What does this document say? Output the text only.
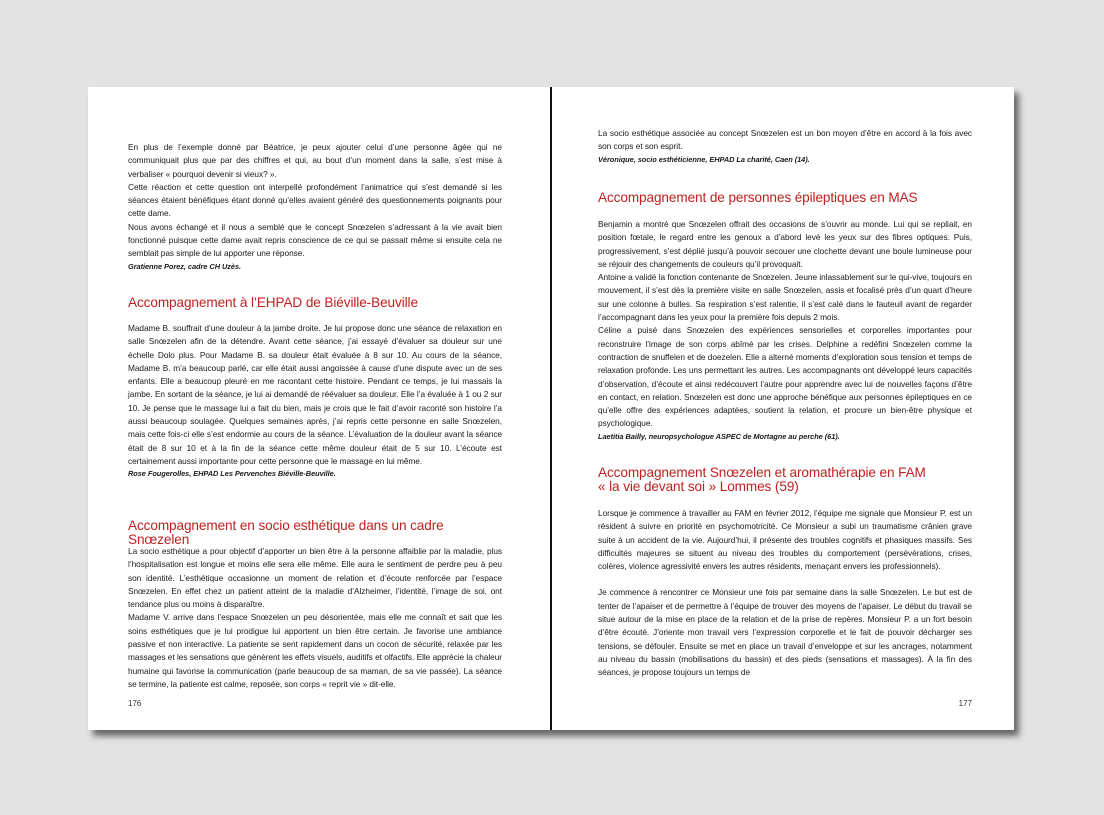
En plus de l’exemple donné par Béatrice, je peux ajouter celui d’une personne âgée qui ne communiquait plus que par des chiffres et qui, au bout d’un moment dans la salle, s’est mise à verbaliser « pourquoi devenir si vieux? ».

Cette réaction et cette question ont interpellé profondément l’animatrice qui s’est demandé si les séances étaient bénéfiques étant donné qu’elles avaient généré des questionnements poignants pour cette dame.

Nous avons échangé et il nous a semblé que le concept Snœzelen s’adressant à la vie avait bien fonctionné puisque cette dame avait repris conscience de ce qui se passait même si ensuite cela ne semblait pas simple de lui apporter une réponse.

Gratienne Porez, cadre CH Uzès.

Accompagnement à l’EHPAD de Biéville-Beuville

Madame B. souffrait d’une douleur à la jambe droite. Je lui propose donc une séance de relaxation en salle Snœzelen afin de la détendre. Avant cette séance, j’ai essayé d’évaluer sa douleur sur une échelle Dolo plus. Pour Madame B. sa douleur était évaluée à 8 sur 10. Au cours de la séance, Madame B. m’a beaucoup parlé, car elle était aussi angoissée à cause d’une dispute avec un de ses enfants. Elle a beaucoup pleuré en me racontant cette histoire. Pendant ce temps, je lui massais la jambe. En sortant de la séance, je lui ai demandé de réévaluer sa douleur. Elle l’a évaluée à 1 ou 2 sur 10. Je pense que le massage lui a fait du bien, mais je crois que le fait d’avoir raconté son histoire l’a aussi beaucoup soulagée. Quelques semaines après, j’ai repris cette personne en salle Snœzelen, mais cette fois-ci elle s’est endormie au cours de la séance. L’évaluation de la douleur avant la séance était de 8 sur 10 et à la fin de la séance cette même douleur était de 5 sur 10. L’écoute est certainement aussi importante pour cette personne que le massage en lui même.

Rose Fougerolles, EHPAD Les Pervenches Biéville-Beuville.

Accompagnement en socio esthétique dans un cadre Snœzelen

La socio esthétique a pour objectif d’apporter un bien être à la personne affaiblie par la maladie, plus l’hospitalisation est longue et moins elle sera elle même. Elle aura le sentiment de perdre peu à peu son identité. L’esthétique occasionne un moment de relation et d’écoute renforcée par l’espace Snœzelen. En effet chez un patient atteint de la maladie d’Alzheimer, l’identité, l’image de soi, ont tendance plus ou moins à disparaître.

Madame V. arrive dans l’espace Snœzelen un peu désorientée, mais elle me connaît et sait que les soins esthétiques que je lui prodigue lui apportent un bien être certain. Je favorise une ambiance passive et non interactive. La patiente se sent rapidement dans un cocon de sécurité, relaxée par les massages et les sensations que génèrent les effets visuels, auditifs et olfactifs. Elle apprécie la chaleur humaine qui favorise la communication (parle beaucoup de sa maman, de sa vie passée). La séance se termine, la patiente est calme, reposée, son corps « reprit vie » dit-elle.

176

La socio esthétique associée au concept Snœzelen est un bon moyen d’être en accord à la fois avec son corps et son esprit.

Véronique, socio esthéticienne, EHPAD La charité, Caen (14).

Accompagnement de personnes épileptiques en MAS

Benjamin a montré que Snœzelen offrait des occasions de s’ouvrir au monde. Lui qui se repliait, en position fœtale, le regard entre les genoux a d’abord levé les yeux sur des fibres optiques. Puis, progressivement, s’est déplié jusqu’à pouvoir secouer une clochette devant une boule lumineuse pour se réjouir des changements de couleurs qu’il provoquait.

Antoine a validé la fonction contenante de Snœzelen. Jeune inlassablement sur le qui-vive, toujours en mouvement, il s’est dès la première visite en salle Snœzelen, assis et focalisé près d’un quart d’heure sur une colonne à bulles. Sa respiration s’est ralentie, il s’est calé dans le fauteuil avant de regarder l’accompagnant dans les yeux pour la première fois depuis 2 mois.

Céline a puisé dans Snœzelen des expériences sensorielles et corporelles importantes pour reconstruire l’image de son corps abîmé par les crises. Delphine a redéfini Snœzelen comme la contraction de snuffelen et de doezelen. Elle a alterné moments d’exploration sous tension et temps de relaxation profonde. Les uns permettant les autres. Les accompagnants ont développé leurs capacités d’observation, d’écoute et ainsi redécouvert l’autre pour apprendre avec lui de nouvelles façons d’être en contact, en relation. Snœzelen est donc une approche bénéfique aux personnes épileptiques en ce qu’elle offre des expériences adaptées, soutient la relation, et procure un bien-être physique et psychologique.

Laetitia Bailly, neuropsychologue ASPEC de Mortagne au perche (61).

Accompagnement Snœzelen et aromathérapie en FAM
« la vie devant soi » Lommes (59)

Lorsque je commence à travailler au FAM en février 2012, l’équipe me signale que Monsieur P. est un résident à suivre en priorité en psychomotricité. Ce Monsieur a subi un traumatisme crânien grave suite à un accident de la vie. Aujourd’hui, il présente des troubles cognitifs et phasiques massifs. Ses difficultés majeures se situent au niveau des troubles du comportement (persévérations, crises, colères, violence agressivité envers les autres résidents, menaçant envers les professionnels).

Je commence à rencontrer ce Monsieur une fois par semaine dans la salle Snœzelen. Le but est de tenter de l’apaiser et de permettre à l’équipe de trouver des moyens de l’apaiser. Le début du travail se situe autour de la mise en place de la relation et de la prise de repères. Monsieur P. a un fort besoin d’être écouté. J’oriente mon travail vers l’expression corporelle et le fait de pouvoir décharger ses tensions, se défouler. Ensuite se met en place un travail d’enveloppe et sur les ancrages, notamment au niveau du bassin (mobilisations du bassin) et des pieds (sensations et massages). À la fin des séances, je propose toujours un temps de

177
